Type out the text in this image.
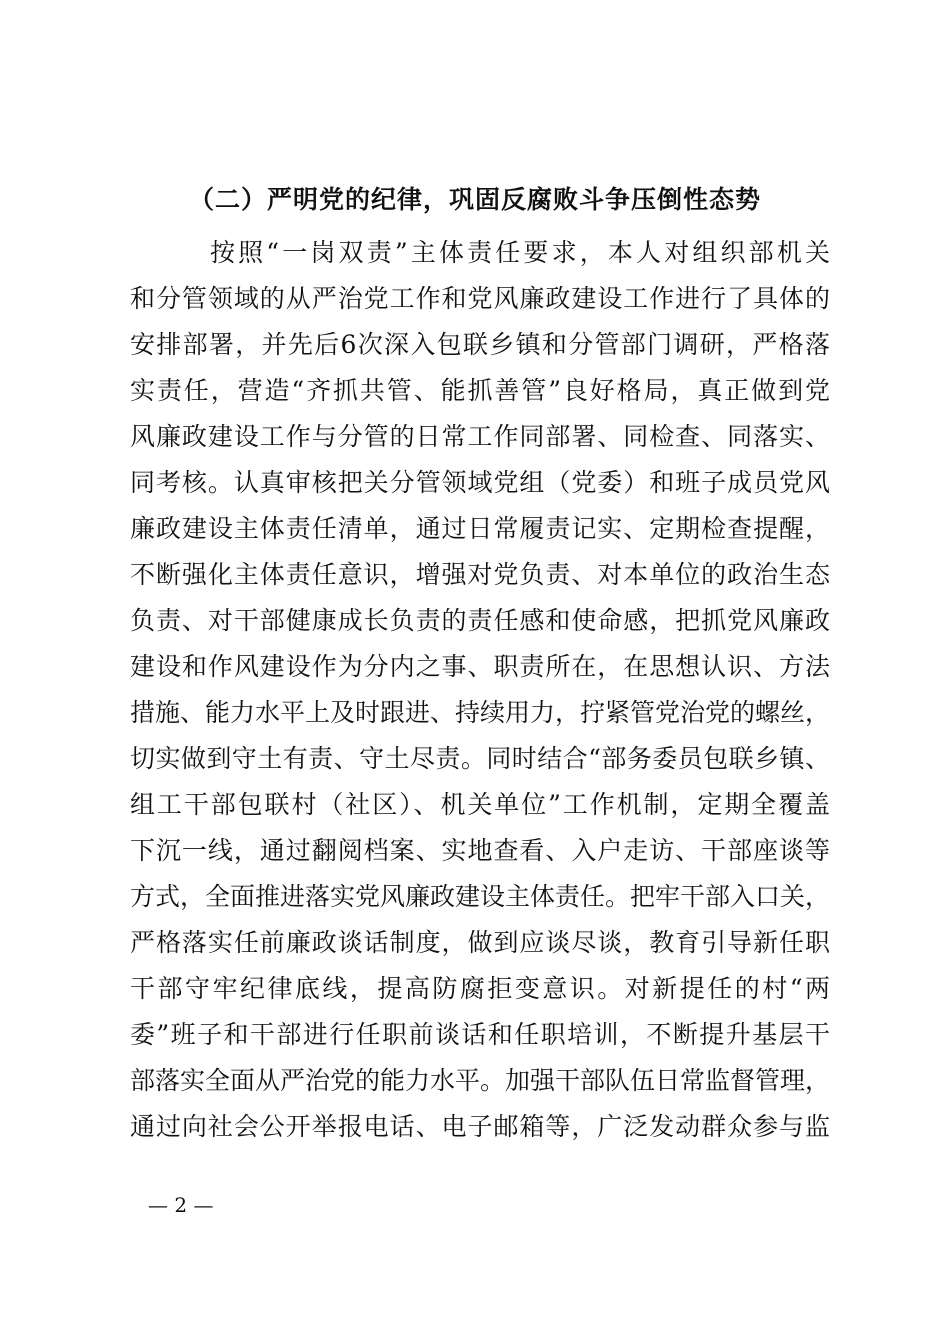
（二）严明党的纪律，巩固反腐败斗争压倒性态势
按照“一岗双责”主体责任要求，本人对组织部机关
和分管领域的从严治党工作和党风廉政建设工作进行了具体的
安排部署，并先后6次深入包联乡镇和分管部门调研，严格落
实责任，营造“齐抓共管、能抓善管”良好格局，真正做到党
风廉政建设工作与分管的日常工作同部署、同检查、同落实、
同考核。认真审核把关分管领域党组（党委）和班子成员党风
廉政建设主体责任清单，通过日常履责记实、定期检查提醒，
不断强化主体责任意识，增强对党负责、对本单位的政治生态
负责、对干部健康成长负责的责任感和使命感，把抓党风廉政
建设和作风建设作为分内之事、职责所在，在思想认识、方法
措施、能力水平上及时跟进、持续用力，拧紧管党治党的螺丝，
切实做到守土有责、守土尽责。同时结合“部务委员包联乡镇、
组工干部包联村（社区）、机关单位”工作机制，定期全覆盖
下沉一线，通过翻阅档案、实地查看、入户走访、干部座谈等
方式，全面推进落实党风廉政建设主体责任。把牢干部入口关，
严格落实任前廉政谈话制度，做到应谈尽谈，教育引导新任职
干部守牢纪律底线，提高防腐拒变意识。对新提任的村“两
委”班子和干部进行任职前谈话和任职培训，不断提升基层干
部落实全面从严治党的能力水平。加强干部队伍日常监督管理，
通过向社会公开举报电话、电子邮箱等，广泛发动群众参与监
— 2 —
